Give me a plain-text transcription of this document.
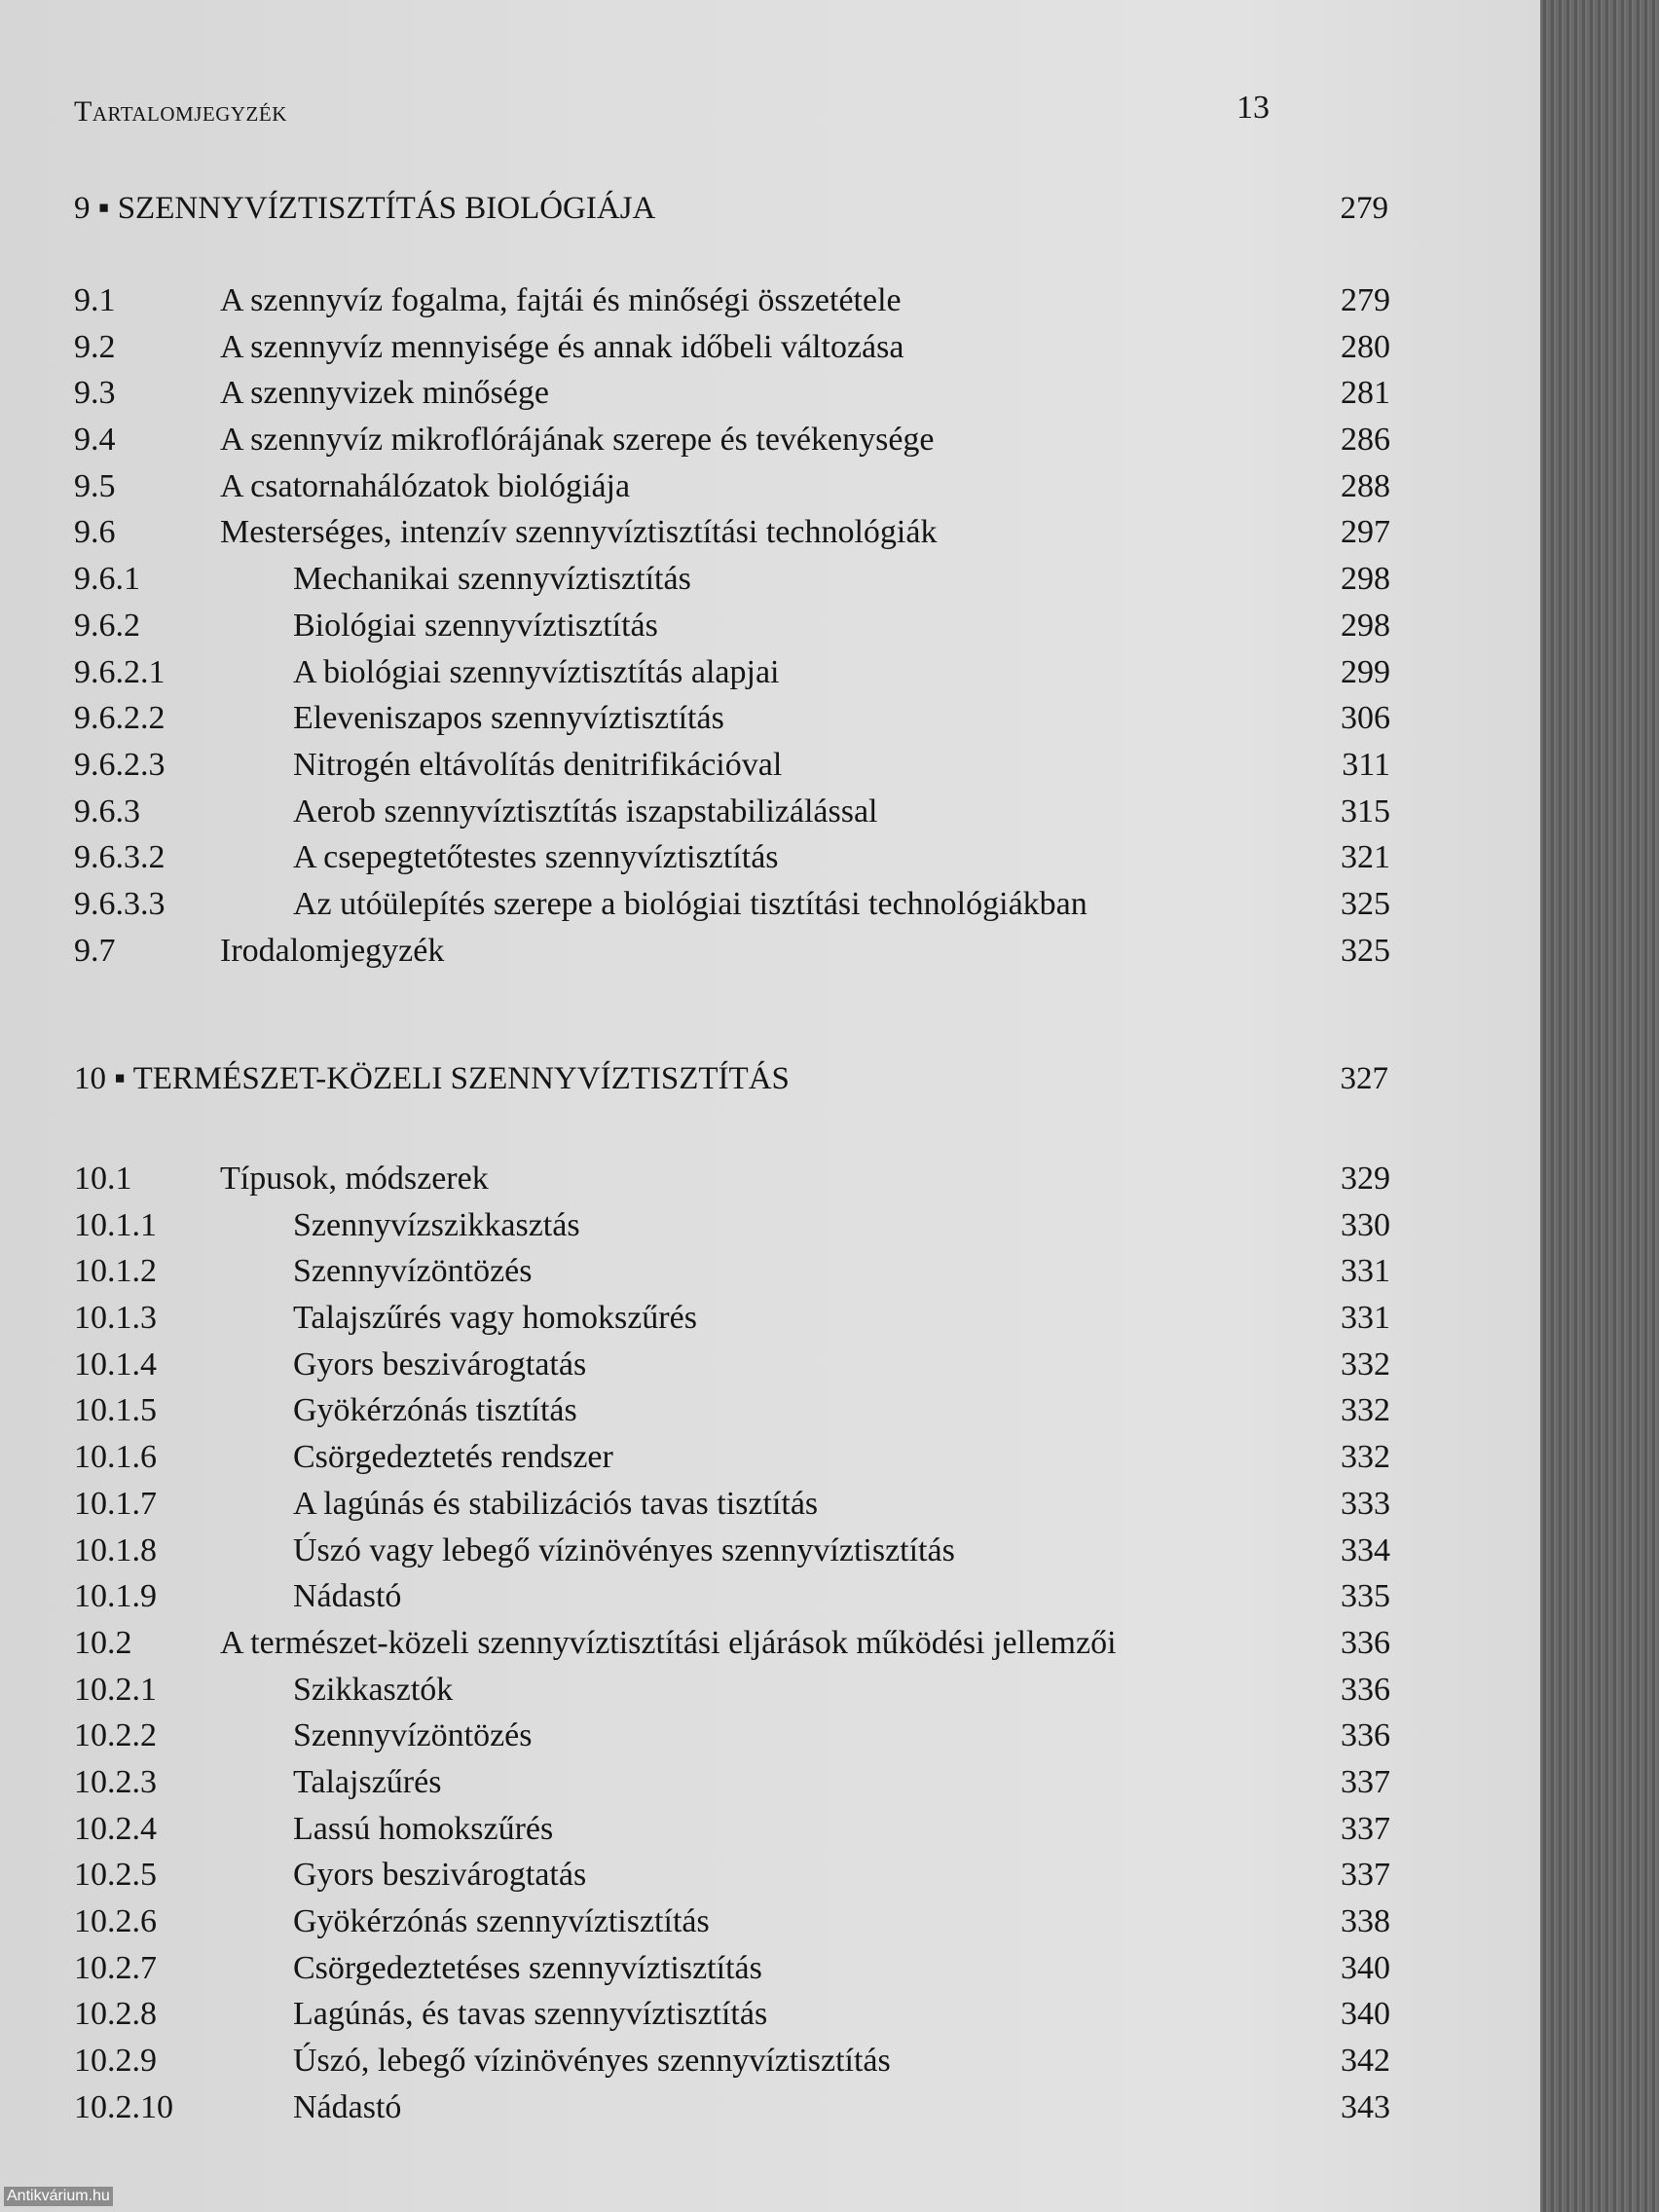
Tartalomjegyzék	13
9 ▪ SZENNYVÍZTISZTÍTÁS BIOLÓGIÁJA	279
9.1	A szennyvíz fogalma, fajtái és minőségi összetétele	279
9.2	A szennyvíz mennyisége és annak időbeli változása	280
9.3	A szennyvizek minősége	281
9.4	A szennyvíz mikroflórájának szerepe és tevékenysége	286
9.5	A csatornahálózatok biológiája	288
9.6	Mesterséges, intenzív szennyvíztisztítási technológiák	297
9.6.1	Mechanikai szennyvíztisztítás	298
9.6.2	Biológiai szennyvíztisztítás	298
9.6.2.1	A biológiai szennyvíztisztítás alapjai	299
9.6.2.2	Eleveniszapos szennyvíztisztítás	306
9.6.2.3	Nitrogén eltávolítás denitrifikációval	311
9.6.3	Aerob szennyvíztisztítás iszapstabilizálással	315
9.6.3.2	A csepegtetőtestes szennyvíztisztítás	321
9.6.3.3	Az utóülepítés szerepe a biológiai tisztítási technológiákban	325
9.7	Irodalomjegyzék	325
10 ▪ TERMÉSZET-KÖZELI SZENNYVÍZTISZTÍTÁS	327
10.1	Típusok, módszerek	329
10.1.1	Szennyvízszikkasztás	330
10.1.2	Szennyvízöntözés	331
10.1.3	Talajszűrés vagy homokszűrés	331
10.1.4	Gyors beszivárogtatás	332
10.1.5	Gyökérzónás tisztítás	332
10.1.6	Csörgedeztetés rendszer	332
10.1.7	A lagúnás és stabilizációs tavas tisztítás	333
10.1.8	Úszó vagy lebegő vízinövényes szennyvíztisztítás	334
10.1.9	Nádastó	335
10.2	A természet-közeli szennyvíztisztítási eljárások működési jellemzői	336
10.2.1	Szikkasztók	336
10.2.2	Szennyvízöntözés	336
10.2.3	Talajszűrés	337
10.2.4	Lassú homokszűrés	337
10.2.5	Gyors beszivárogtatás	337
10.2.6	Gyökérzónás szennyvíztisztítás	338
10.2.7	Csörgedeztetéses szennyvíztisztítás	340
10.2.8	Lagúnás, és tavas szennyvíztisztítás	340
10.2.9	Úszó, lebegő vízinövényes szennyvíztisztítás	342
10.2.10	Nádastó	343
Antikvárium.hu
